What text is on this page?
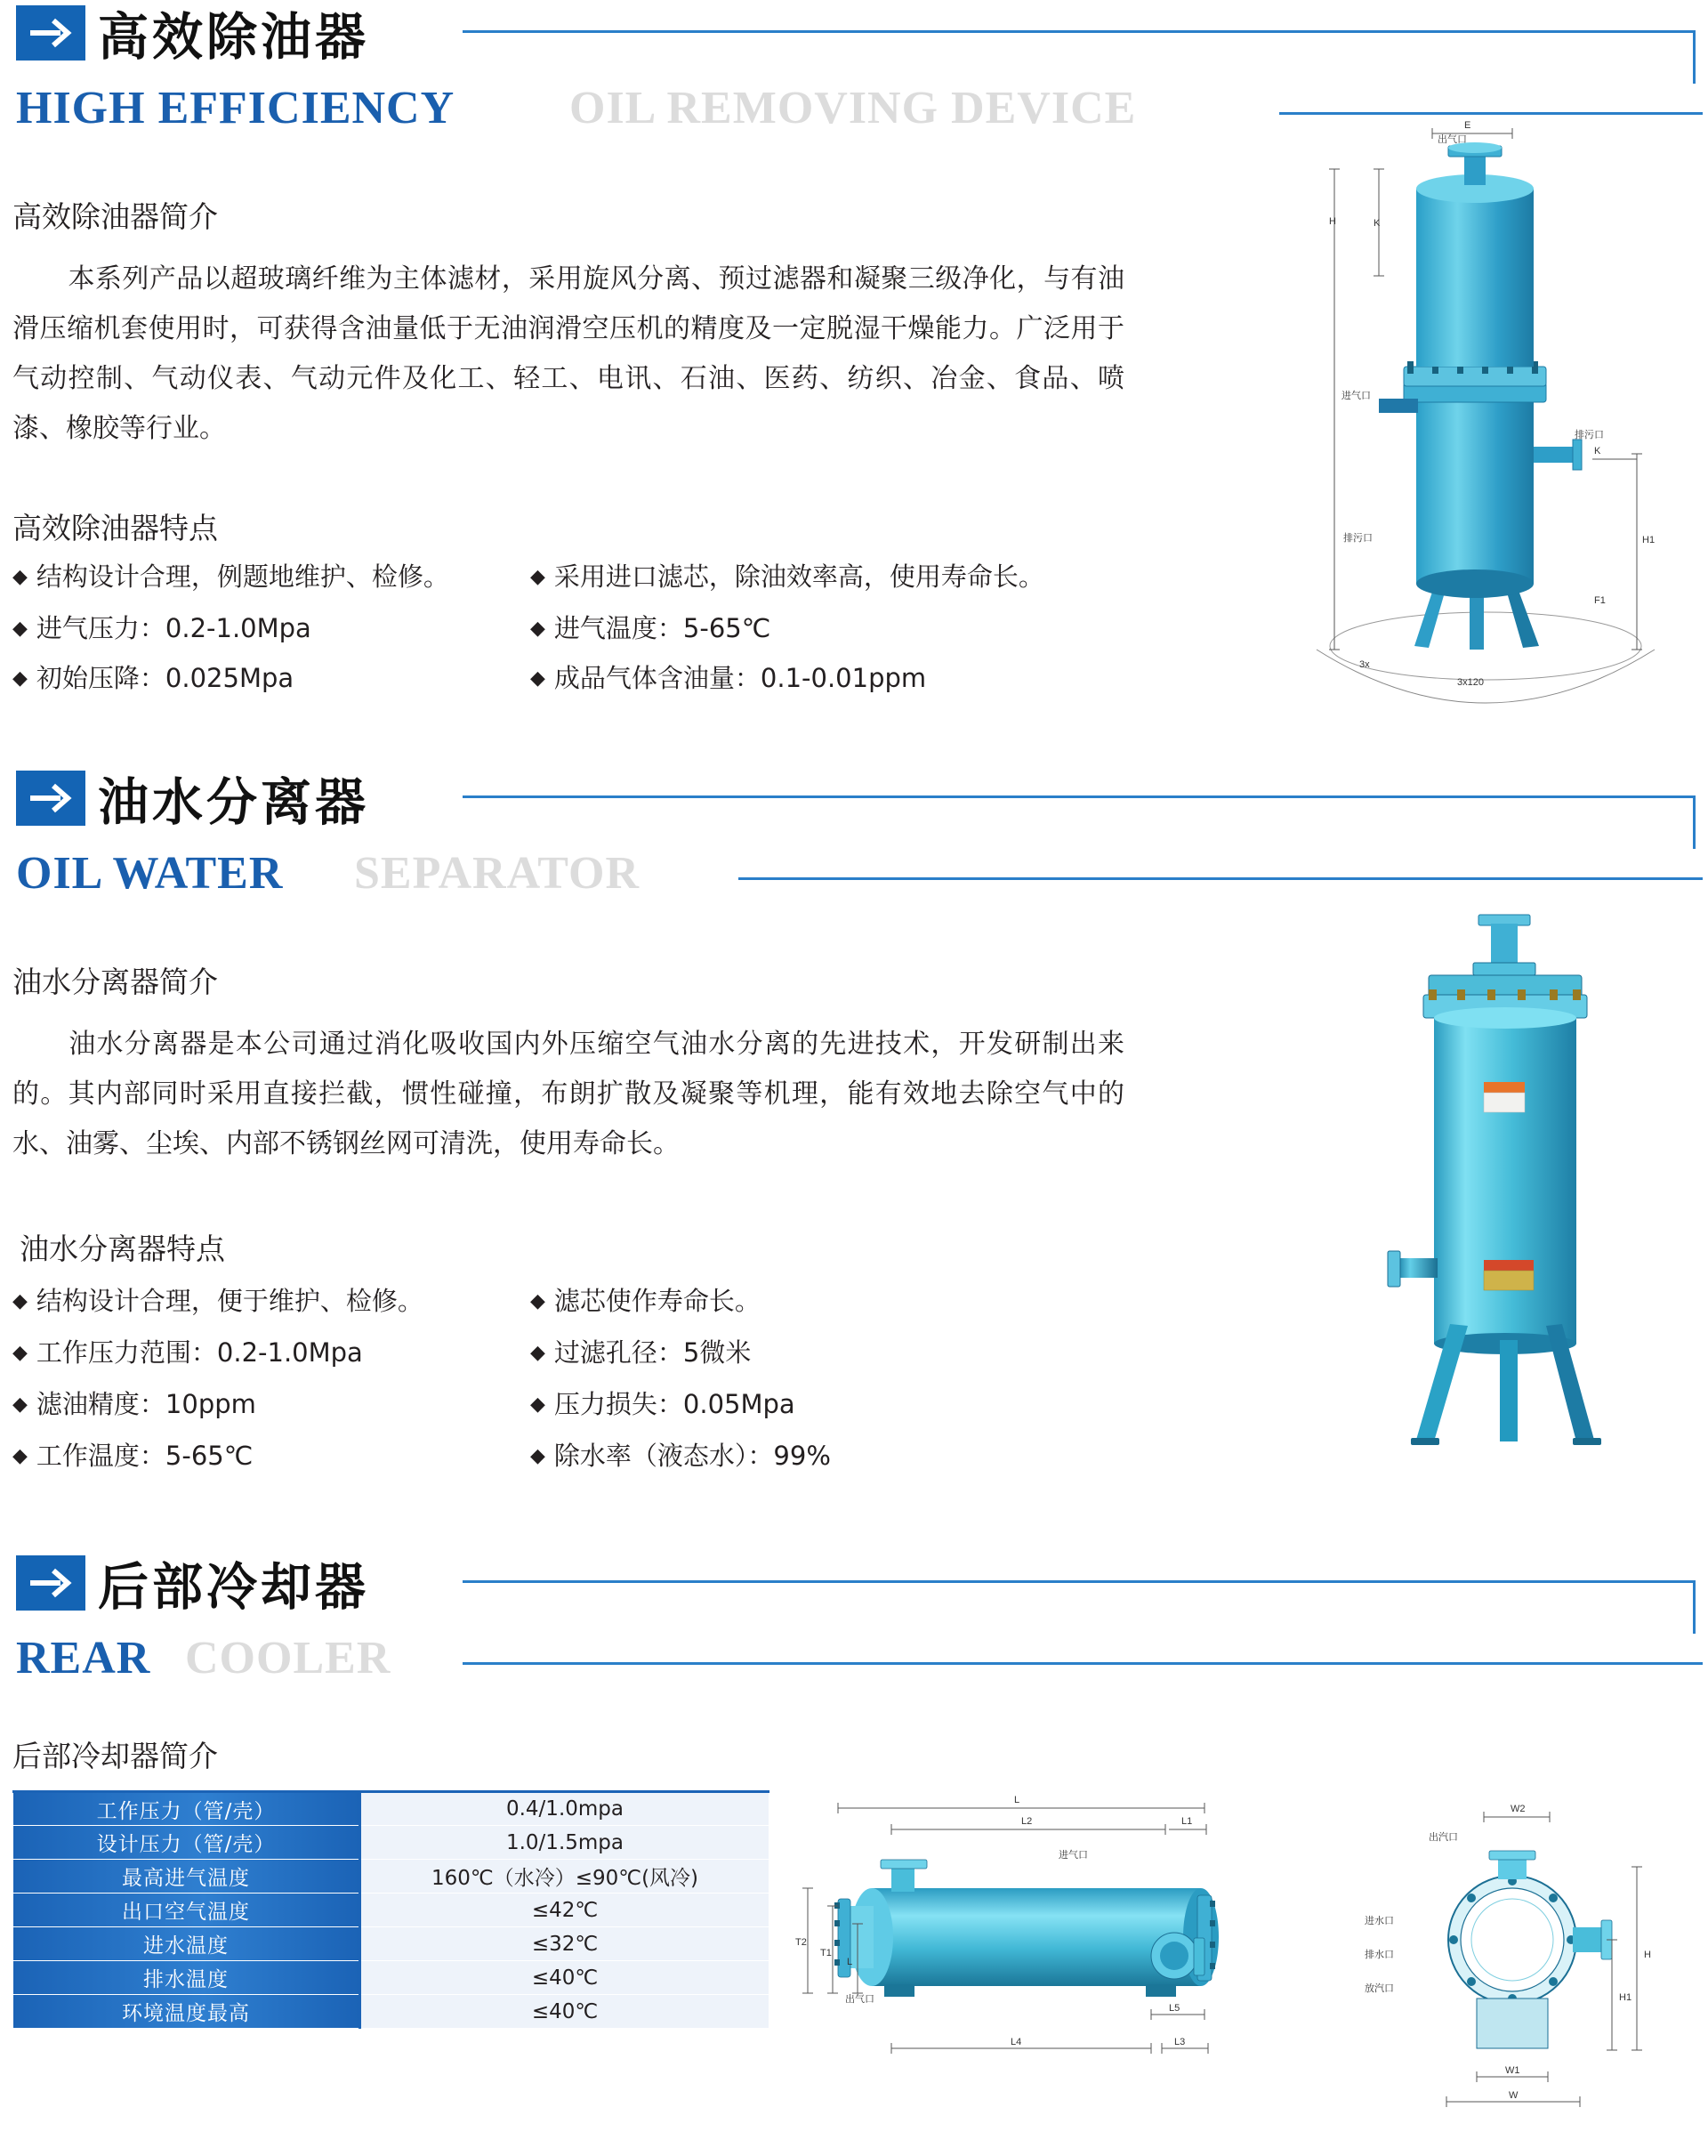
高效除油器
HIGH EFFICIENCY OIL REMOVING DEVICE
高效除油器简介
本系列产品以超玻璃纤维为主体滤材，采用旋风分离、预过滤器和凝聚三级净化，与有油滑压缩机套使用时，可获得含油量低于无油润滑空压机的精度及一定脱湿干燥能力。广泛用于气动控制、气动仪表、气动元件及化工、轻工、电讯、石油、医药、纺织、冶金、食品、喷漆、橡胶等行业。
高效除油器特点
◆ 结构设计合理，例题地维护、检修。
◆ 进气压力：0.2-1.0Mpa
◆ 初始压降：0.025Mpa
◆ 采用进口滤芯，除油效率高，使用寿命长。
◆ 进气温度：5-65℃
◆ 成品气体含油量：0.1-0.01ppm
E
H	K
H1
K
出气口
进气口
排污口
排污口
F1
3x
3x120
油水分离器
OIL WATER SEPARATOR
油水分离器简介
油水分离器是本公司通过消化吸收国内外压缩空气油水分离的先进技术，开发研制出来的。其内部同时采用直接拦截，惯性碰撞，布朗扩散及凝聚等机理，能有效地去除空气中的水、油雾、尘埃、内部不锈钢丝网可清洗，使用寿命长。
油水分离器特点
◆ 结构设计合理，便于维护、检修。
◆ 工作压力范围：0.2-1.0Mpa
◆ 滤油精度：10ppm
◆ 工作温度：5-65℃
◆ 滤芯使作寿命长。
◆ 过滤孔径：5微米
◆ 压力损失：0.05Mpa
◆ 除水率（液态水）：99%
后部冷却器
REAR COOLER
后部冷却器简介
工作压力（管/壳）	0.4/1.0mpa
设计压力（管/壳）	1.0/1.5mpa
最高进气温度	160℃（水冷）≤90℃(风冷)
出口空气温度	≤42℃
进水温度	≤32℃
排水温度	≤40℃
环境温度最高	≤40℃
L
L2	L1
T2
T1
L
L4	L3
L5
出气口
进气口
W2
H
H1
W1
W
进水口
排水口
放汽口
出汽口
